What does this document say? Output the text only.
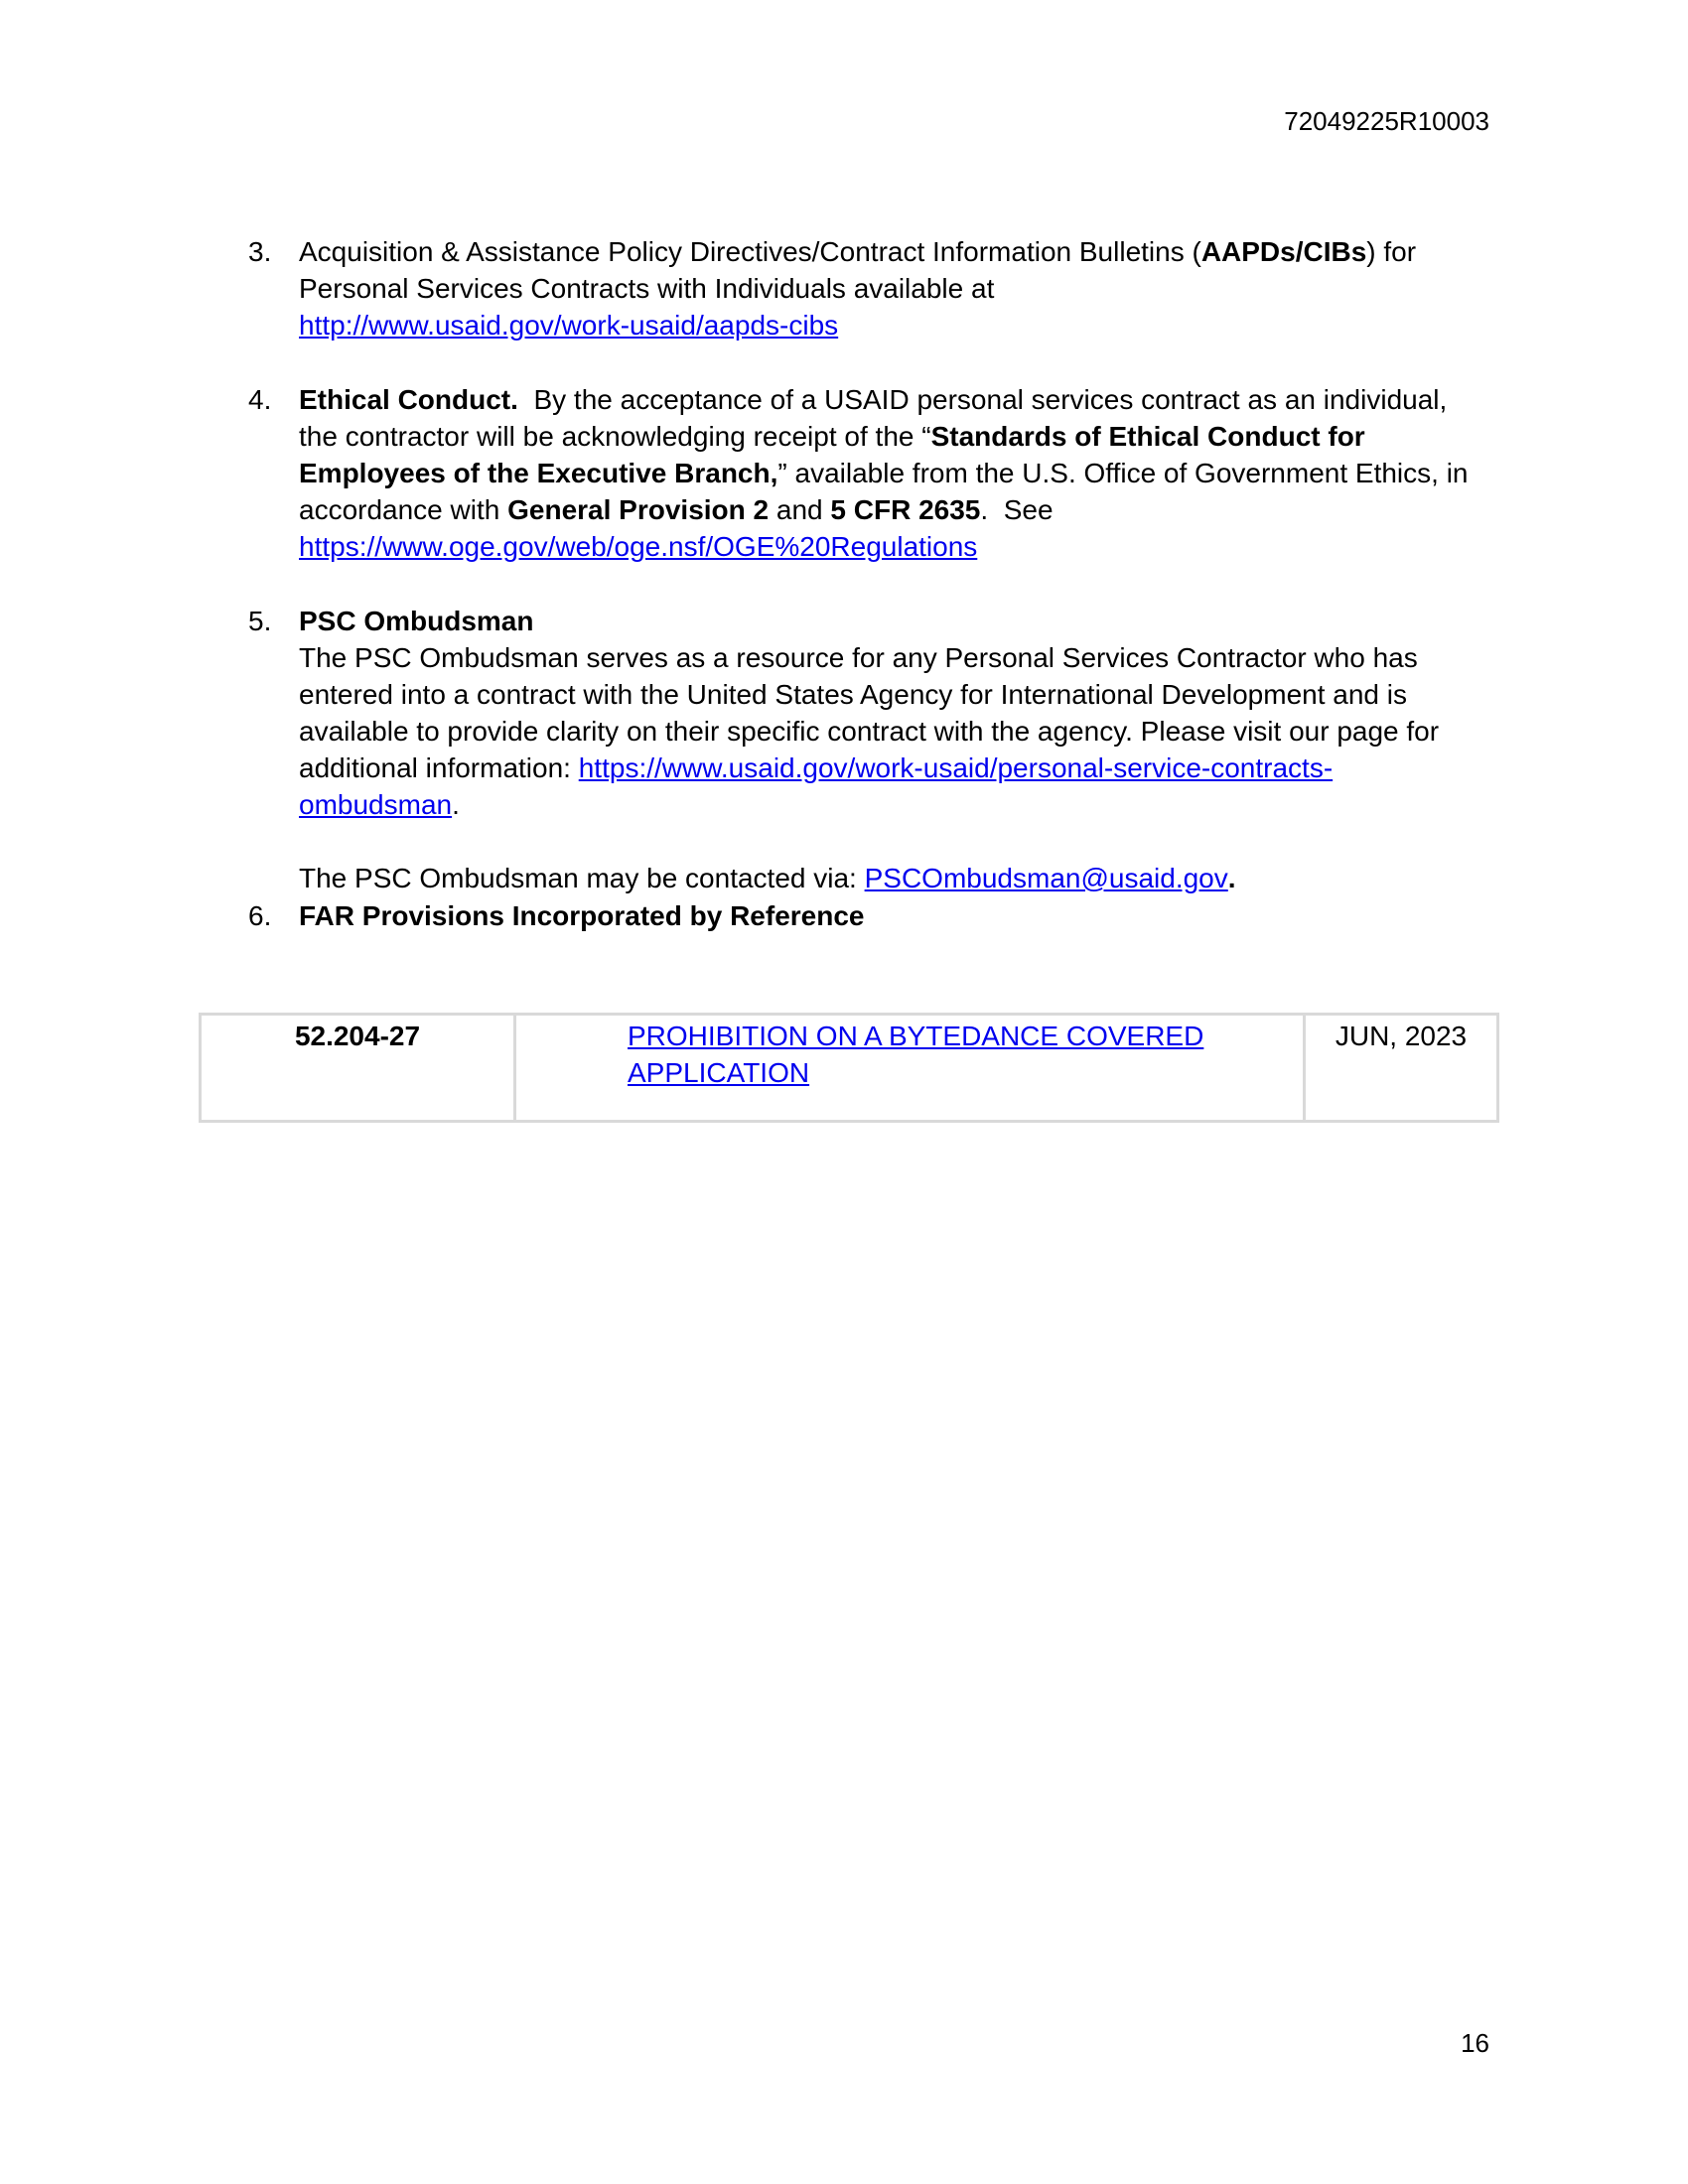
72049225R10003
3. Acquisition & Assistance Policy Directives/Contract Information Bulletins (AAPDs/CIBs) for Personal Services Contracts with Individuals available at

http://www.usaid.gov/work-usaid/aapds-cibs

4. Ethical Conduct.  By the acceptance of a USAID personal services contract as an individual, the contractor will be acknowledging receipt of the “Standards of Ethical Conduct for Employees of the Executive Branch,” available from the U.S. Office of Government Ethics, in accordance with General Provision 2 and 5 CFR 2635.  See

https://www.oge.gov/web/oge.nsf/OGE%20Regulations

5. PSC Ombudsman

The PSC Ombudsman serves as a resource for any Personal Services Contractor who has entered into a contract with the United States Agency for International Development and is available to provide clarity on their specific contract with the agency. Please visit our page for additional information: https://www.usaid.gov/work-usaid/personal-service-contracts-ombudsman.

The PSC Ombudsman may be contacted via: PSCOmbudsman@usaid.gov.

6. FAR Provisions Incorporated by Reference

52.204-27	PROHIBITION ON A BYTEDANCE COVERED APPLICATION	JUN, 2023
16
